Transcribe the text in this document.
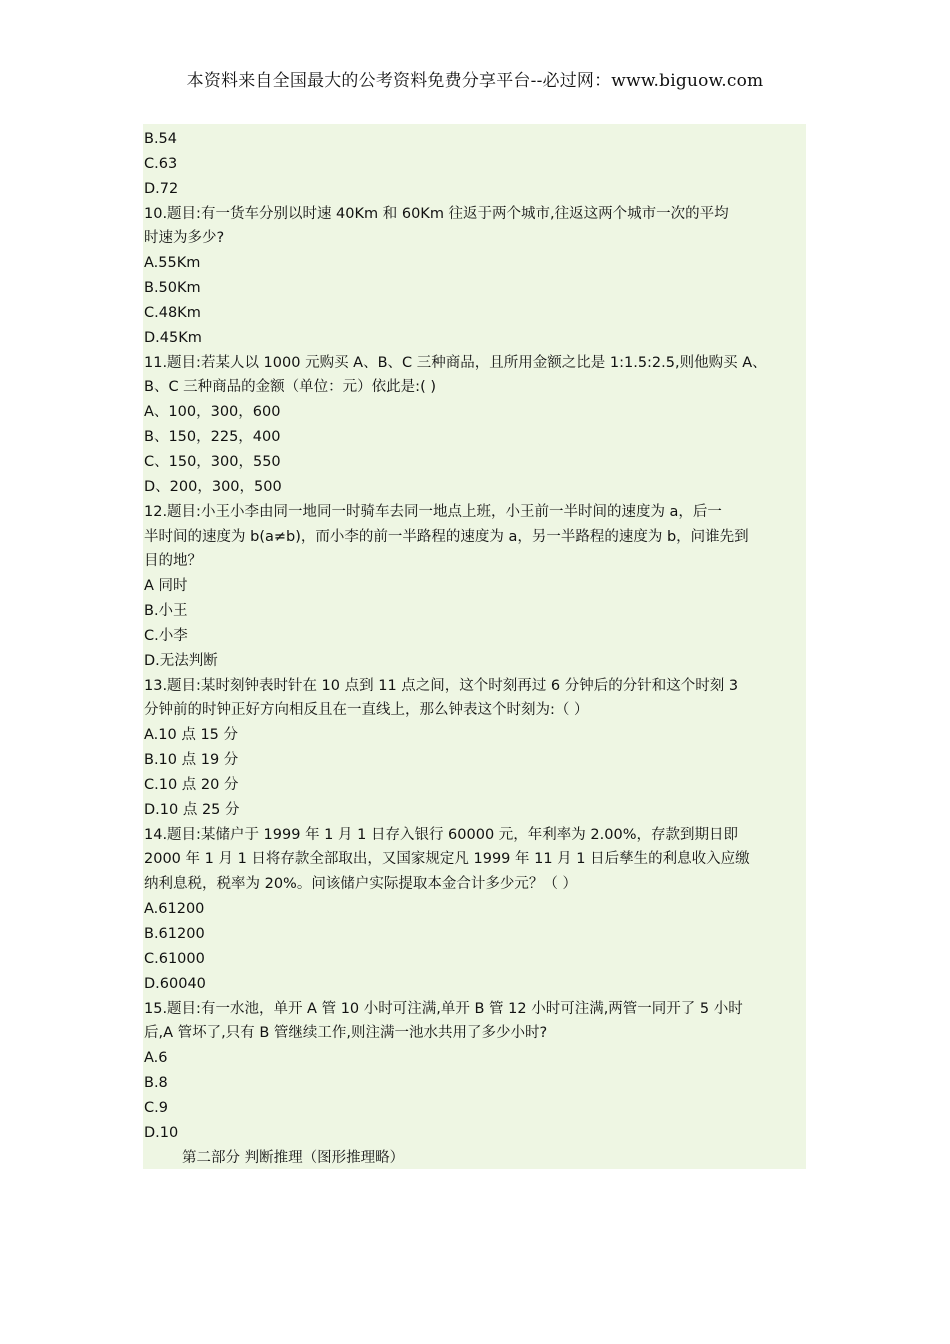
本资料来自全国最大的公考资料免费分享平台--必过网：www.biguow.com
B.54
C.63
D.72
10.题目:有一货车分别以时速 40Km 和 60Km 往返于两个城市,往返这两个城市一次的平均
时速为多少?
A.55Km
B.50Km
C.48Km
D.45Km
11.题目:若某人以 1000 元购买 A、B、C 三种商品，且所用金额之比是 1:1.5:2.5,则他购买 A、
B、C 三种商品的金额（单位：元）依此是:( )
A、100，300，600
B、150，225，400
C、150，300，550
D、200，300，500
12.题目:小王小李由同一地同一时骑车去同一地点上班，小王前一半时间的速度为 a，后一
半时间的速度为 b(a≠b)，而小李的前一半路程的速度为 a，另一半路程的速度为 b，问谁先到
目的地？
A 同时
B.小王
C.小李
D.无法判断
13.题目:某时刻钟表时针在 10 点到 11 点之间，这个时刻再过 6 分钟后的分针和这个时刻 3
分钟前的时钟正好方向相反且在一直线上，那么钟表这个时刻为:（ ）
A.10 点 15 分
B.10 点 19 分
C.10 点 20 分
D.10 点 25 分
14.题目:某储户于 1999 年 1 月 1 日存入银行 60000 元，年利率为 2.00%，存款到期日即
2000 年 1 月 1 日将存款全部取出，又国家规定凡 1999 年 11 月 1 日后孳生的利息收入应缴
纳利息税，税率为 20%。问该储户实际提取本金合计多少元？（ ）
A.61200
B.61200
C.61000
D.60040
15.题目:有一水池，单开 A 管 10 小时可注满,单开 B 管 12 小时可注满,两管一同开了 5 小时
后,A 管坏了,只有 B 管继续工作,则注满一池水共用了多少小时?
A.6
B.8
C.9
D.10
第二部分 判断推理（图形推理略）
